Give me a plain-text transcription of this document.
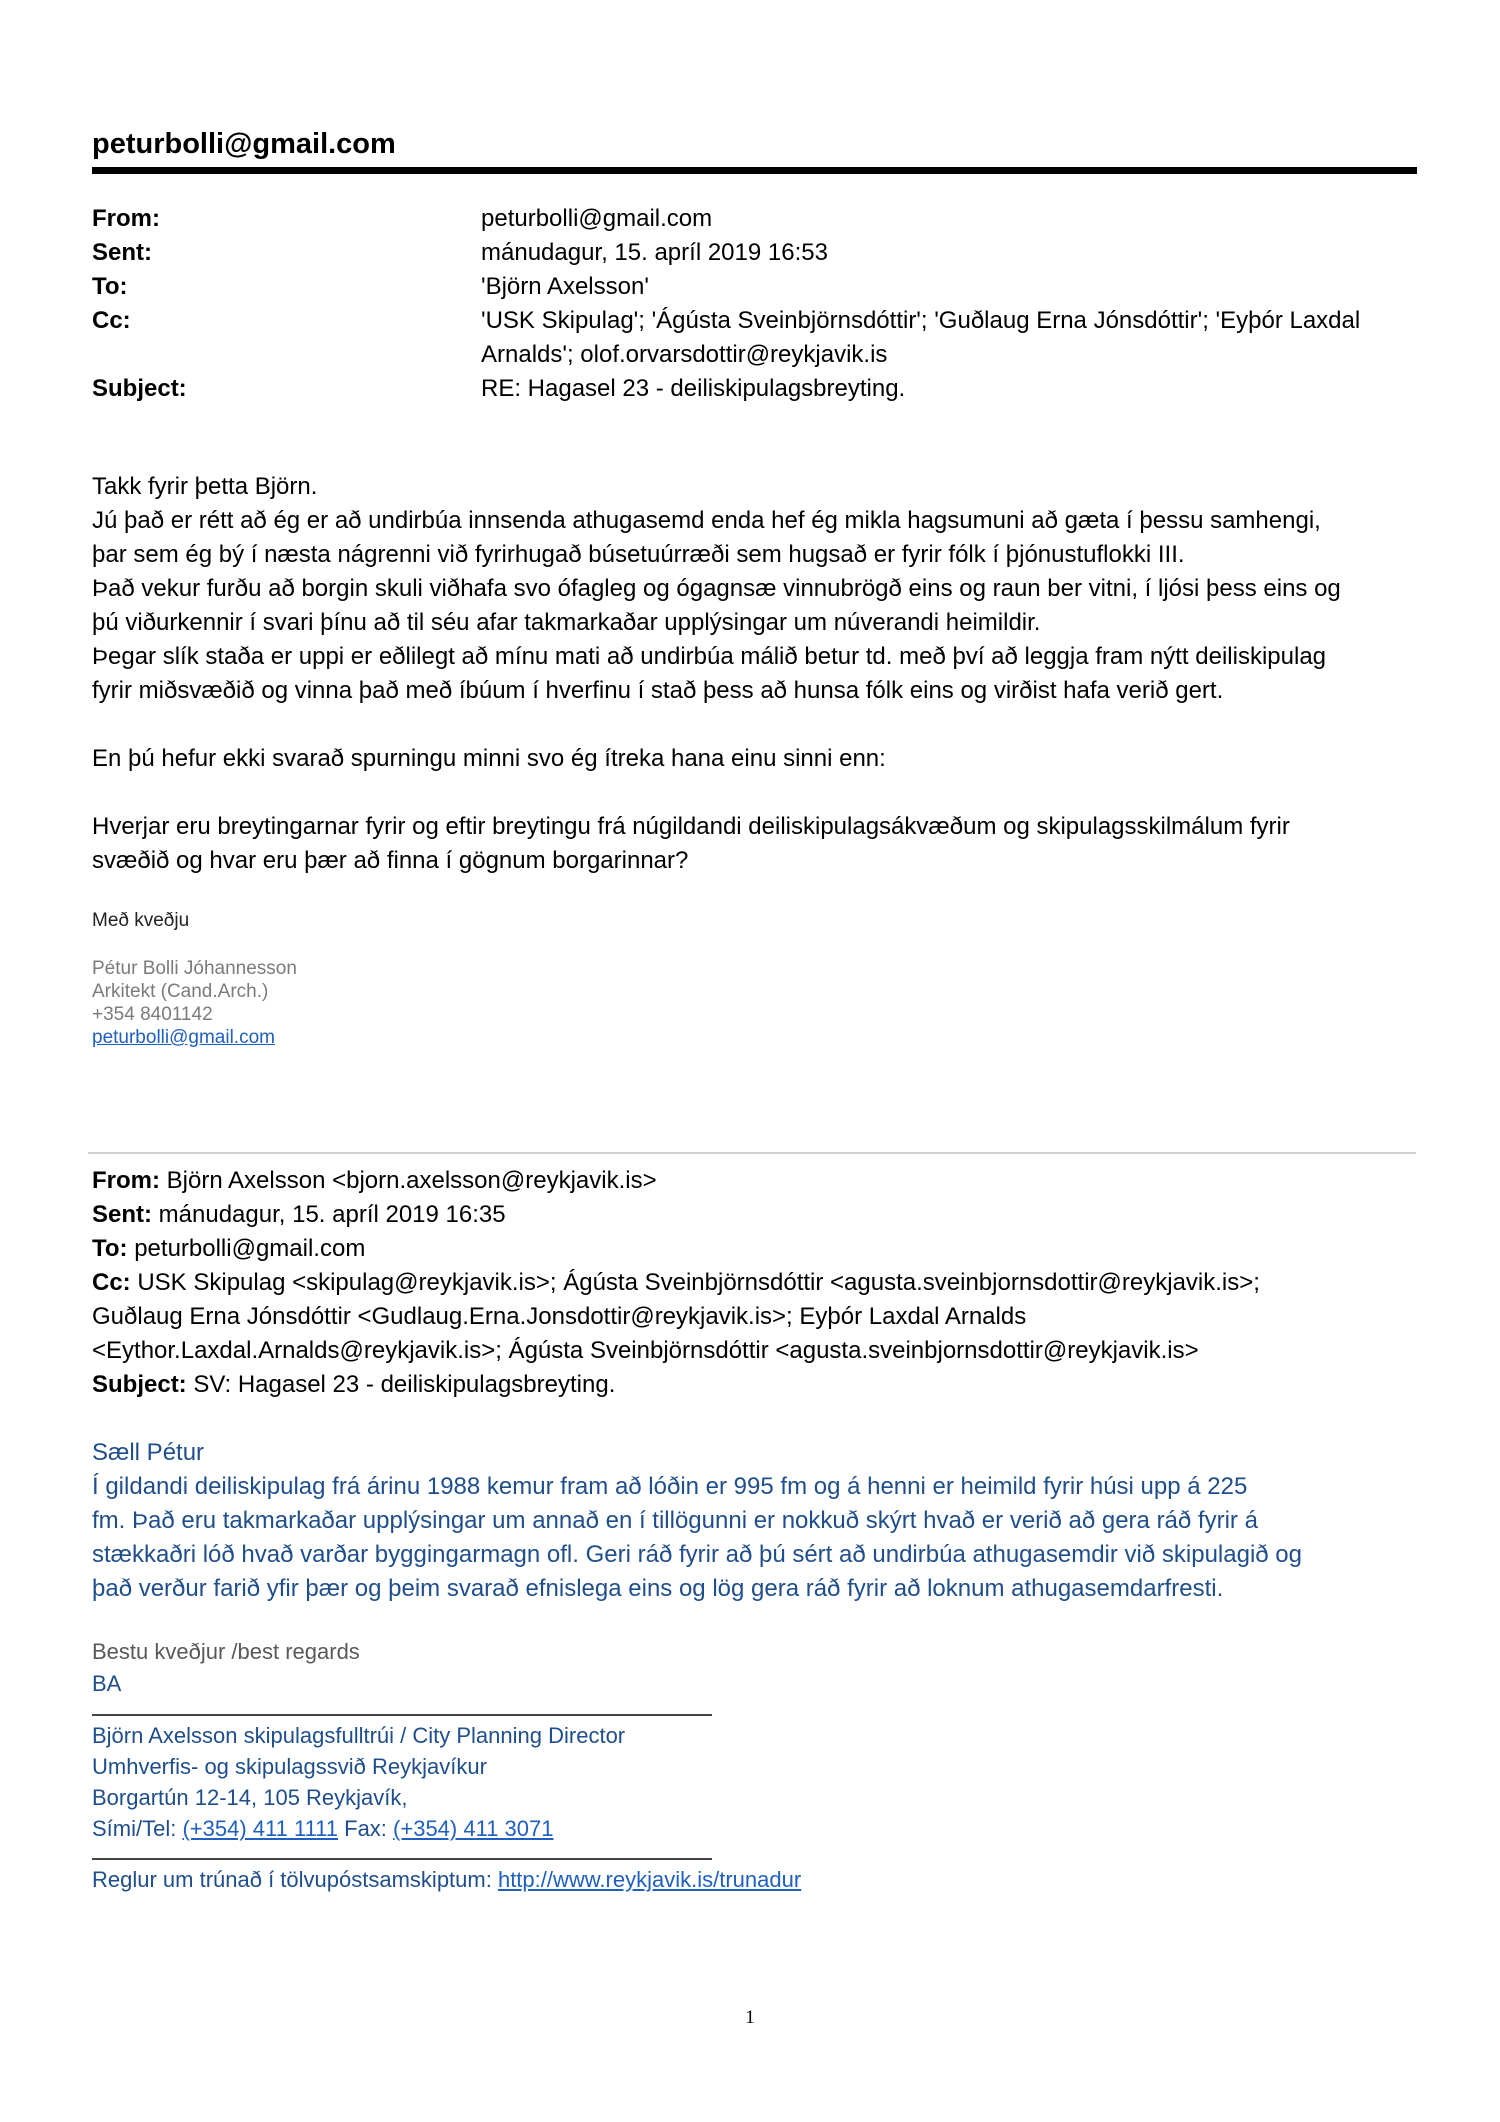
peturbolli@gmail.com
From:	peturbolli@gmail.com
Sent:	mánudagur, 15. apríl 2019 16:53
To:	'Björn Axelsson'
Cc:	'USK Skipulag'; 'Ágústa Sveinbjörnsdóttir'; 'Guðlaug Erna Jónsdóttir'; 'Eyþór Laxdal
Arnalds'; olof.orvarsdottir@reykjavik.is
Subject:	RE: Hagasel 23 - deiliskipulagsbreyting.

Takk fyrir þetta Björn.

Jú það er rétt að ég er að undirbúa innsenda athugasemd enda hef ég mikla hagsumuni að gæta í þessu samhengi,

þar sem ég bý í næsta nágrenni við fyrirhugað búsetuúrræði sem hugsað er fyrir fólk í þjónustuflokki III.

Það vekur furðu að borgin skuli viðhafa svo ófagleg og ógagnsæ vinnubrögð eins og raun ber vitni, í ljósi þess eins og

þú viðurkennir í svari þínu að til séu afar takmarkaðar upplýsingar um núverandi heimildir.

Þegar slík staða er uppi er eðlilegt að mínu mati að undirbúa málið betur td. með því að leggja fram nýtt deiliskipulag

fyrir miðsvæðið og vinna það með íbúum í hverfinu í stað þess að hunsa fólk eins og virðist hafa verið gert.

En þú hefur ekki svarað spurningu minni svo ég ítreka hana einu sinni enn:

Hverjar eru breytingarnar fyrir og eftir breytingu frá núgildandi deiliskipulagsákvæðum og skipulagsskilmálum fyrir

svæðið og hvar eru þær að finna í gögnum borgarinnar?

Með kveðju
Pétur Bolli Jóhannesson
Arkitekt (Cand.Arch.)
+354 8401142
peturbolli@gmail.com

From: Björn Axelsson <bjorn.axelsson@reykjavik.is>

Sent: mánudagur, 15. apríl 2019 16:35

To: peturbolli@gmail.com

Cc: USK Skipulag <skipulag@reykjavik.is>; Ágústa Sveinbjörnsdóttir <agusta.sveinbjornsdottir@reykjavik.is>;

Guðlaug Erna Jónsdóttir <Gudlaug.Erna.Jonsdottir@reykjavik.is>; Eyþór Laxdal Arnalds

<Eythor.Laxdal.Arnalds@reykjavik.is>; Ágústa Sveinbjörnsdóttir <agusta.sveinbjornsdottir@reykjavik.is>

Subject: SV: Hagasel 23 - deiliskipulagsbreyting.

Sæll Pétur

Í gildandi deiliskipulag frá árinu 1988 kemur fram að lóðin er 995 fm og á henni er heimild fyrir húsi upp á 225

fm. Það eru takmarkaðar upplýsingar um annað en í tillögunni er nokkuð skýrt hvað er verið að gera ráð fyrir á

stækkaðri lóð hvað varðar byggingarmagn ofl. Geri ráð fyrir að þú sért að undirbúa athugasemdir við skipulagið og

það verður farið yfir þær og þeim svarað efnislega eins og lög gera ráð fyrir að loknum athugasemdarfresti.

Bestu kveðjur /best regards
BA

Björn Axelsson skipulagsfulltrúi / City Planning Director

Umhverfis- og skipulagssvið Reykjavíkur

Borgartún 12-14, 105 Reykjavík,

Sími/Tel: (+354) 411 1111 Fax: (+354) 411 3071

Reglur um trúnað í tölvupóstsamskiptum: http://www.reykjavik.is/trunadur

1
